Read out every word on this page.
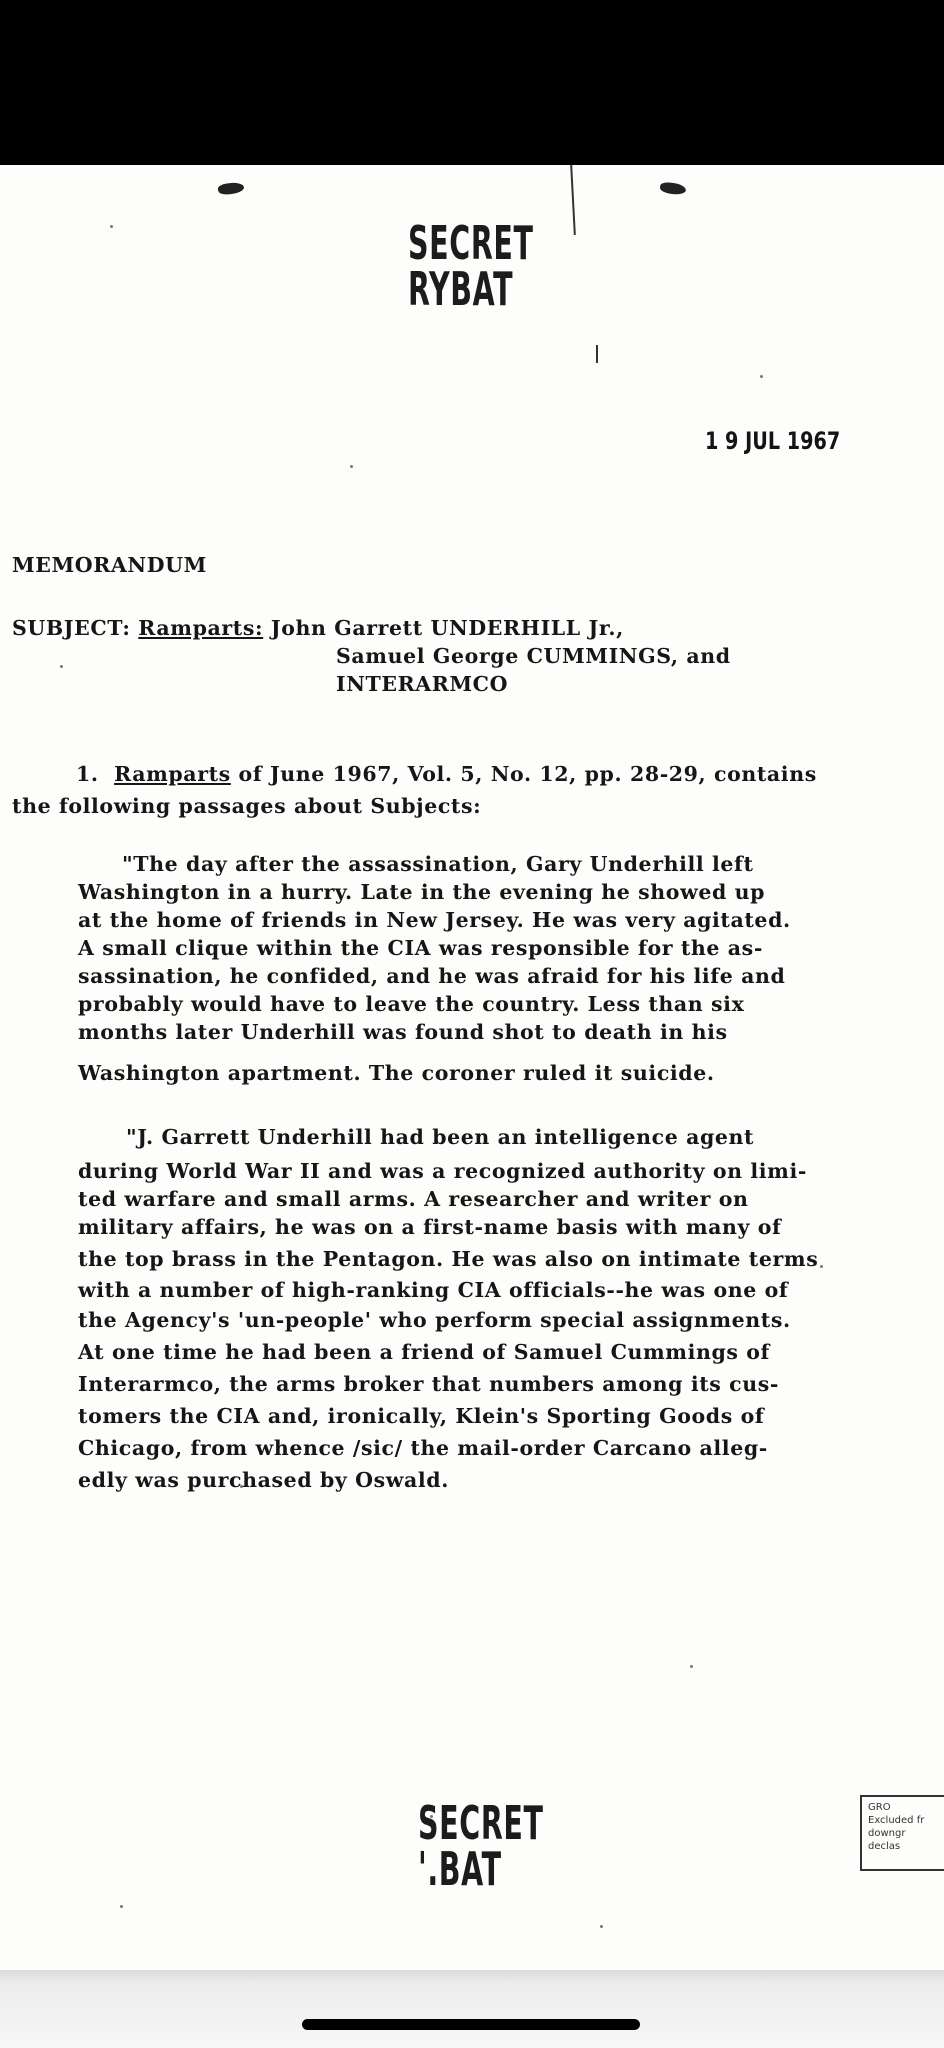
SECRET
RYBAT
1 9 JUL 1967
MEMORANDUM
SUBJECT: Ramparts: John Garrett UNDERHILL Jr.,
Samuel George CUMMINGS, and
INTERARMCO
1. Ramparts of June 1967, Vol. 5, No. 12, pp. 28-29, contains
the following passages about Subjects:
"The day after the assassination, Gary Underhill left
Washington in a hurry. Late in the evening he showed up
at the home of friends in New Jersey. He was very agitated.
A small clique within the CIA was responsible for the as-
sassination, he confided, and he was afraid for his life and
probably would have to leave the country. Less than six
months later Underhill was found shot to death in his
Washington apartment. The coroner ruled it suicide.
"J. Garrett Underhill had been an intelligence agent
during World War II and was a recognized authority on limi-
ted warfare and small arms. A researcher and writer on
military affairs, he was on a first-name basis with many of
the top brass in the Pentagon. He was also on intimate terms
with a number of high-ranking CIA officials--he was one of
the Agency's 'un-people' who perform special assignments.
At one time he had been a friend of Samuel Cummings of
Interarmco, the arms broker that numbers among its cus-
tomers the CIA and, ironically, Klein's Sporting Goods of
Chicago, from whence /sic/ the mail-order Carcano alleg-
edly was purchased by Oswald.
SECRET
'.BAT
GRO
Excluded fr
downgr
declas
